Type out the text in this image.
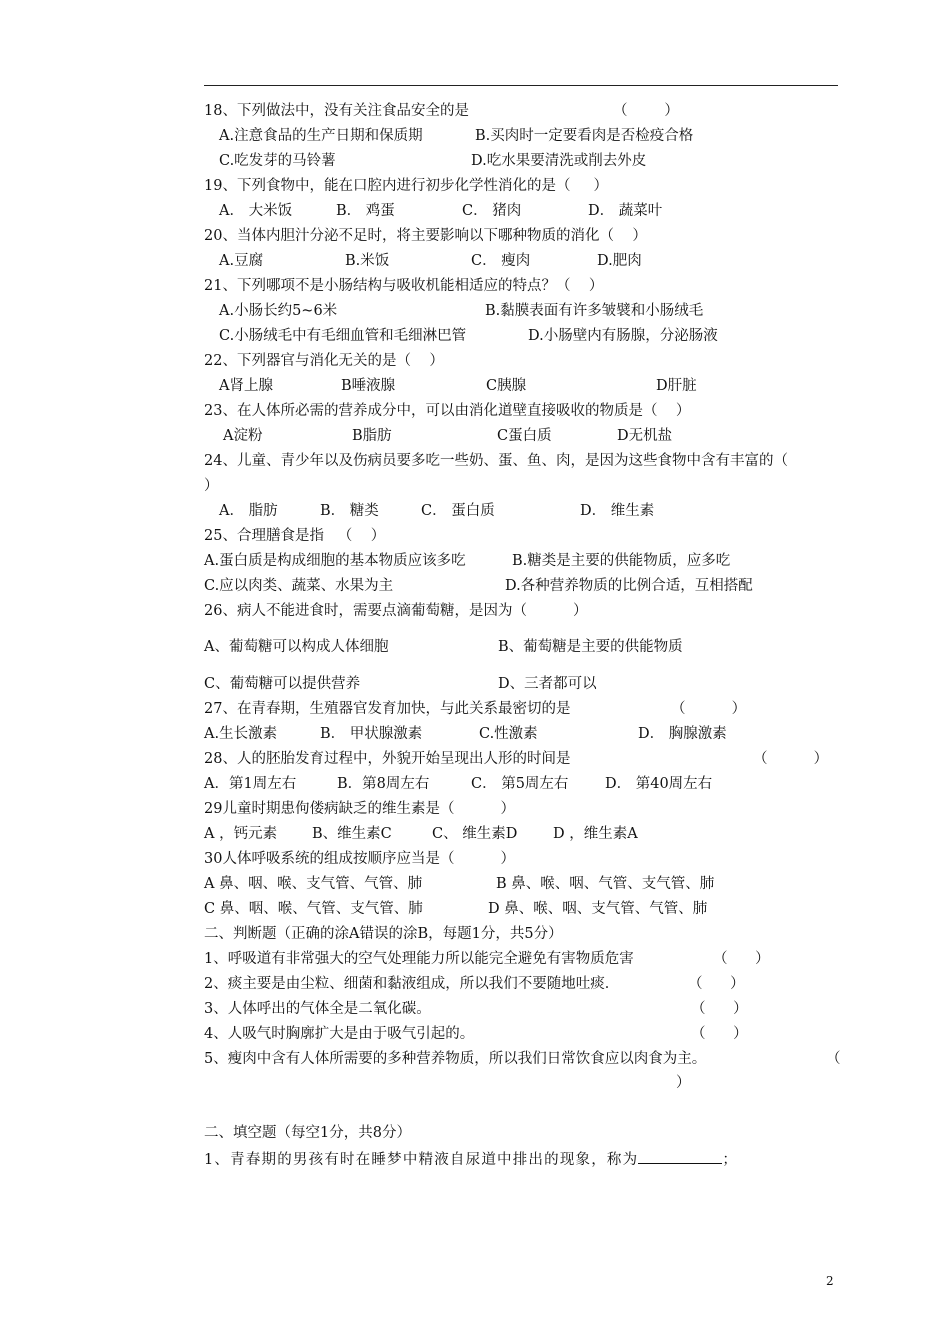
18、下列做法中，没有关注食品安全的是	（        ）
A.注意食品的生产日期和保质期	B.买肉时一定要看肉是否检疫合格
C.吃发芽的马铃薯	D.吃水果要清洗或削去外皮
19、下列食物中，能在口腔内进行初步化学性消化的是（     ）
A． 大米饭	B． 鸡蛋	C． 猪肉	D． 蔬菜叶
20、当体内胆汁分泌不足时，将主要影响以下哪种物质的消化（    ）
A.豆腐	B.米饭	C． 瘦肉	D.肥肉
21、下列哪项不是小肠结构与吸收机能相适应的特点？（    ）
A.小肠长约5~6米	B.黏膜表面有许多皱襞和小肠绒毛
C.小肠绒毛中有毛细血管和毛细淋巴管	D.小肠壁内有肠腺，分泌肠液
22、下列器官与消化无关的是（    ）
A肾上腺	B唾液腺	C胰腺	D肝脏
23、在人体所必需的营养成分中，可以由消化道壁直接吸收的物质是（    ）
A淀粉	B脂肪	C蛋白质	D无机盐
24、儿童、青少年以及伤病员要多吃一些奶、蛋、鱼、肉，是因为这些食物中含有丰富的（
）
A． 脂肪	B． 糖类	C． 蛋白质	D． 维生素
25、合理膳食是指   （    ）
A.蛋白质是构成细胞的基本物质应该多吃	B.糖类是主要的供能物质，应多吃
C.应以肉类、蔬菜、水果为主	D.各种营养物质的比例合适，互相搭配
26、病人不能进食时，需要点滴葡萄糖，是因为（          ）
A、葡萄糖可以构成人体细胞	B、葡萄糖是主要的供能物质
C、葡萄糖可以提供营养	D、三者都可以
27、在青春期，生殖器官发育加快，与此关系最密切的是	（          ）
A.生长激素	B． 甲状腺激素	C.性激素	D． 胸腺激素
28、人的胚胎发育过程中，外貌开始呈现出人形的时间是	（          ）
A．第1周左右	B．第8周左右	C． 第5周左右	D． 第40周左右
29儿童时期患佝偻病缺乏的维生素是（          ）
A ，钙元素 B、维生素C	C、 维生素D D ，维生素A
30人体呼吸系统的组成按顺序应当是（          ）
A 鼻、咽、喉、支气管、气管、肺	B 鼻、喉、咽、气管、支气管、肺
C 鼻、咽、喉、气管、支气管、肺	D 鼻、喉、咽、支气管、气管、肺
二、判断题（正确的涂A错误的涂B，每题1分，共5分）
1、呼吸道有非常强大的空气处理能力所以能完全避免有害物质危害	（      ）
2、痰主要是由尘粒、细菌和黏液组成，所以我们不要随地吐痰．	（      ）
3、人体呼出的气体全是二氧化碳。	（      ）
4、人吸气时胸廓扩大是由于吸气引起的。	（      ）
5、瘦肉中含有人体所需要的多种营养物质，所以我们日常饮食应以肉食为主。	（
）
二、填空题（每空1分，共8分）
1、青春期的男孩有时在睡梦中精液自尿道中排出的现象，称为	；
2
